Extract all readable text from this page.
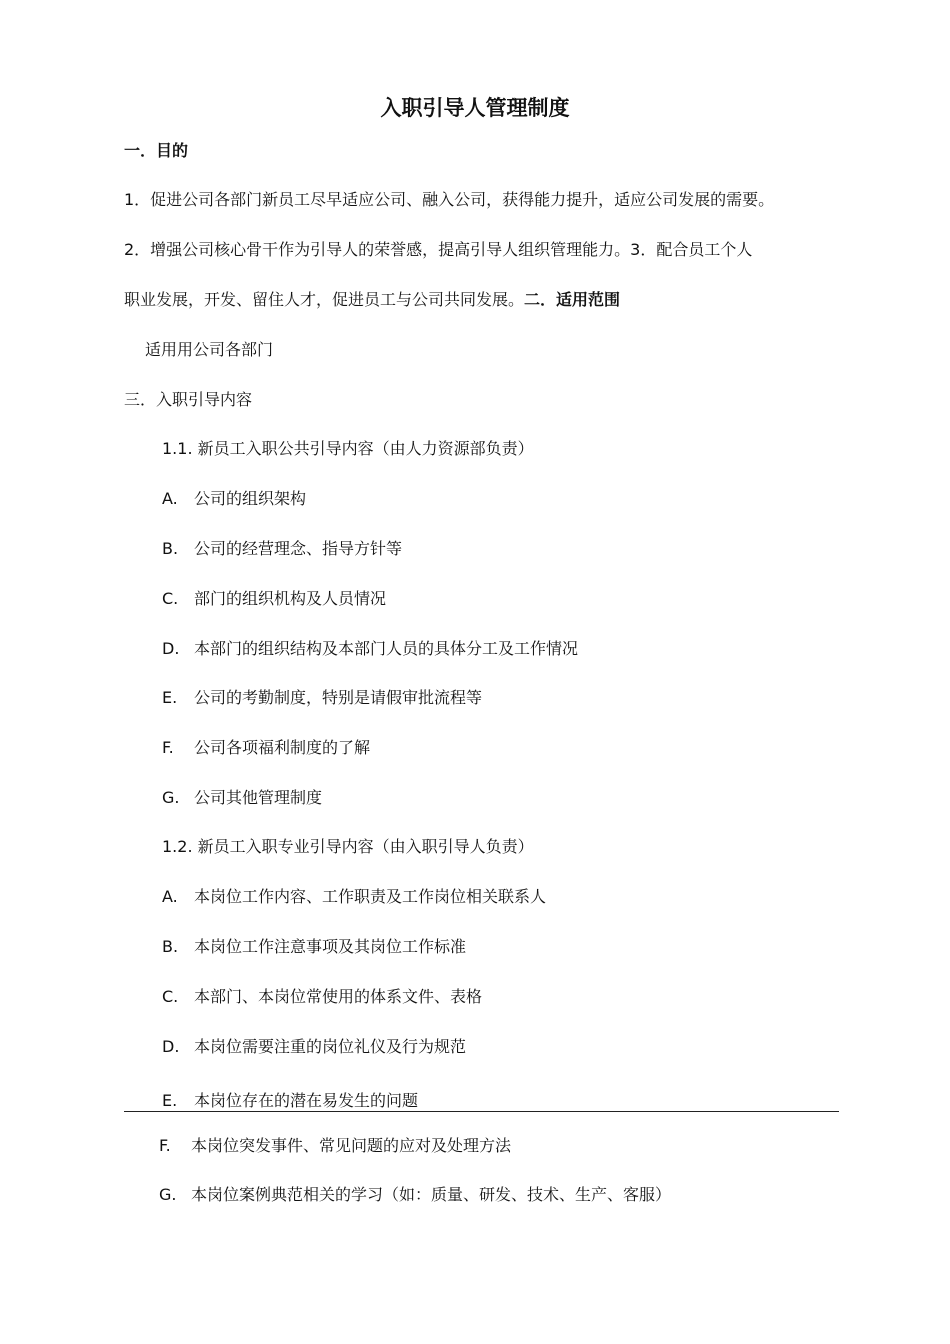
入职引导人管理制度
一．目的
1．促进公司各部门新员工尽早适应公司、融入公司，获得能力提升，适应公司发展的需要。
2．增强公司核心骨干作为引导人的荣誉感，提高引导人组织管理能力。3．配合员工个人
职业发展，开发、留住人才，促进员工与公司共同发展。二．适用范围
适用用公司各部门
三．入职引导内容
1.1. 新员工入职公共引导内容（由人力资源部负责）
A. 公司的组织架构
B. 公司的经营理念、指导方针等
C. 部门的组织机构及人员情况
D. 本部门的组织结构及本部门人员的具体分工及工作情况
E. 公司的考勤制度，特别是请假审批流程等
F. 公司各项福利制度的了解
G. 公司其他管理制度
1.2. 新员工入职专业引导内容（由入职引导人负责）
A. 本岗位工作内容、工作职责及工作岗位相关联系人
B. 本岗位工作注意事项及其岗位工作标准
C. 本部门、本岗位常使用的体系文件、表格
D. 本岗位需要注重的岗位礼仪及行为规范
E. 本岗位存在的潜在易发生的问题
F. 本岗位突发事件、常见问题的应对及处理方法
G. 本岗位案例典范相关的学习（如：质量、研发、技术、生产、客服）
